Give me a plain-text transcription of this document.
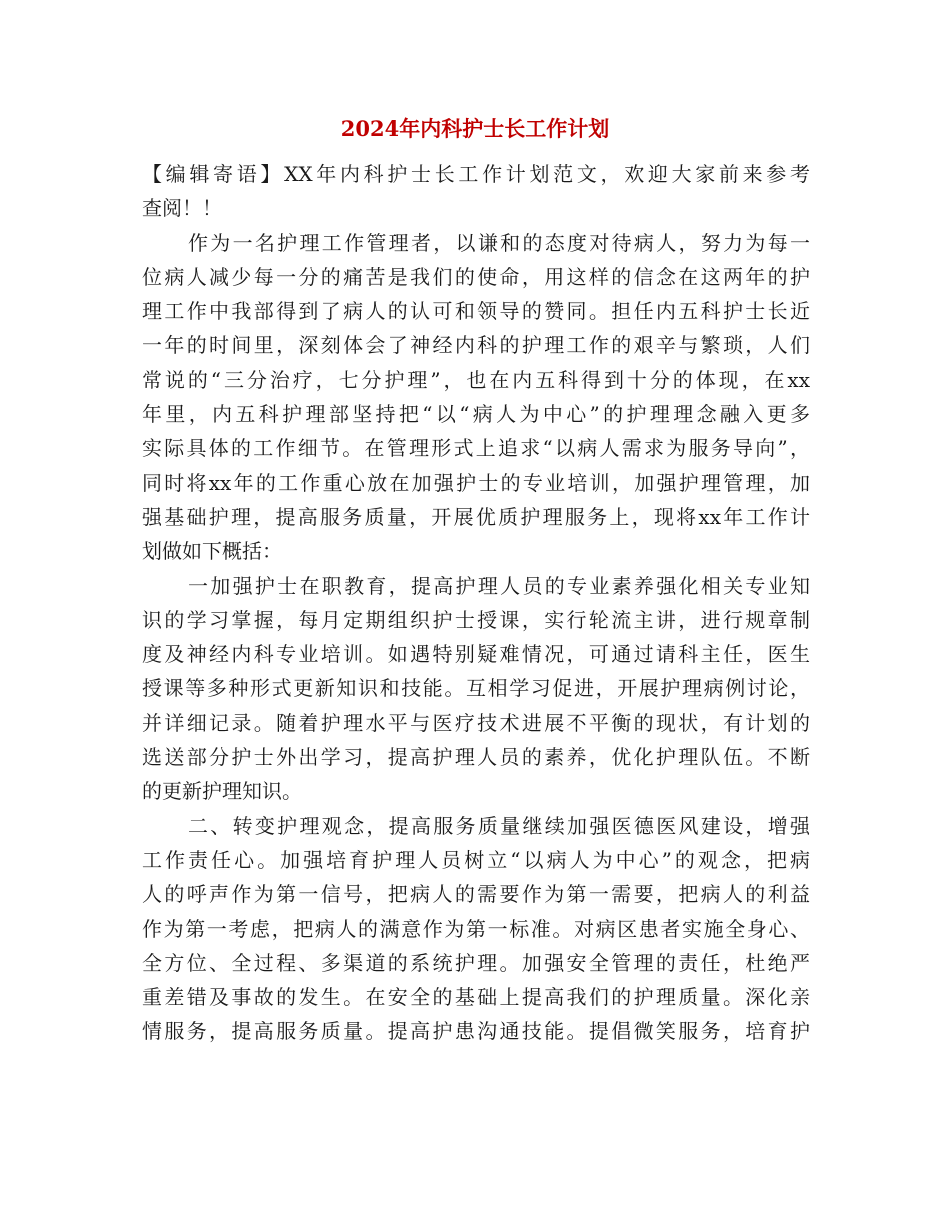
2024年内科护士长工作计划

【编辑寄语】XX年内科护士长工作计划范文，欢迎大家前来参考
查阅！！

作为一名护理工作管理者，以谦和的态度对待病人，努力为每一
位病人减少每一分的痛苦是我们的使命，用这样的信念在这两年的护
理工作中我部得到了病人的认可和领导的赞同。担任内五科护士长近
一年的时间里，深刻体会了神经内科的护理工作的艰辛与繁琐，人们
常说的“三分治疗，七分护理”，也在内五科得到十分的体现，在xx
年里，内五科护理部坚持把“以“病人为中心”的护理理念融入更多
实际具体的工作细节。在管理形式上追求“以病人需求为服务导向”，
同时将xx年的工作重心放在加强护士的专业培训，加强护理管理，加
强基础护理，提高服务质量，开展优质护理服务上，现将xx年工作计
划做如下概括：

一加强护士在职教育，提高护理人员的专业素养强化相关专业知
识的学习掌握，每月定期组织护士授课，实行轮流主讲，进行规章制
度及神经内科专业培训。如遇特别疑难情况，可通过请科主任，医生
授课等多种形式更新知识和技能。互相学习促进，开展护理病例讨论，
并详细记录。随着护理水平与医疗技术进展不平衡的现状，有计划的
选送部分护士外出学习，提高护理人员的素养，优化护理队伍。不断
的更新护理知识。

二、转变护理观念，提高服务质量继续加强医德医风建设，增强
工作责任心。加强培育护理人员树立“以病人为中心”的观念，把病
人的呼声作为第一信号，把病人的需要作为第一需要，把病人的利益
作为第一考虑，把病人的满意作为第一标准。对病区患者实施全身心、
全方位、全过程、多渠道的系统护理。加强安全管理的责任，杜绝严
重差错及事故的发生。在安全的基础上提高我们的护理质量。深化亲
情服务，提高服务质量。提高护患沟通技能。提倡微笑服务，培育护
